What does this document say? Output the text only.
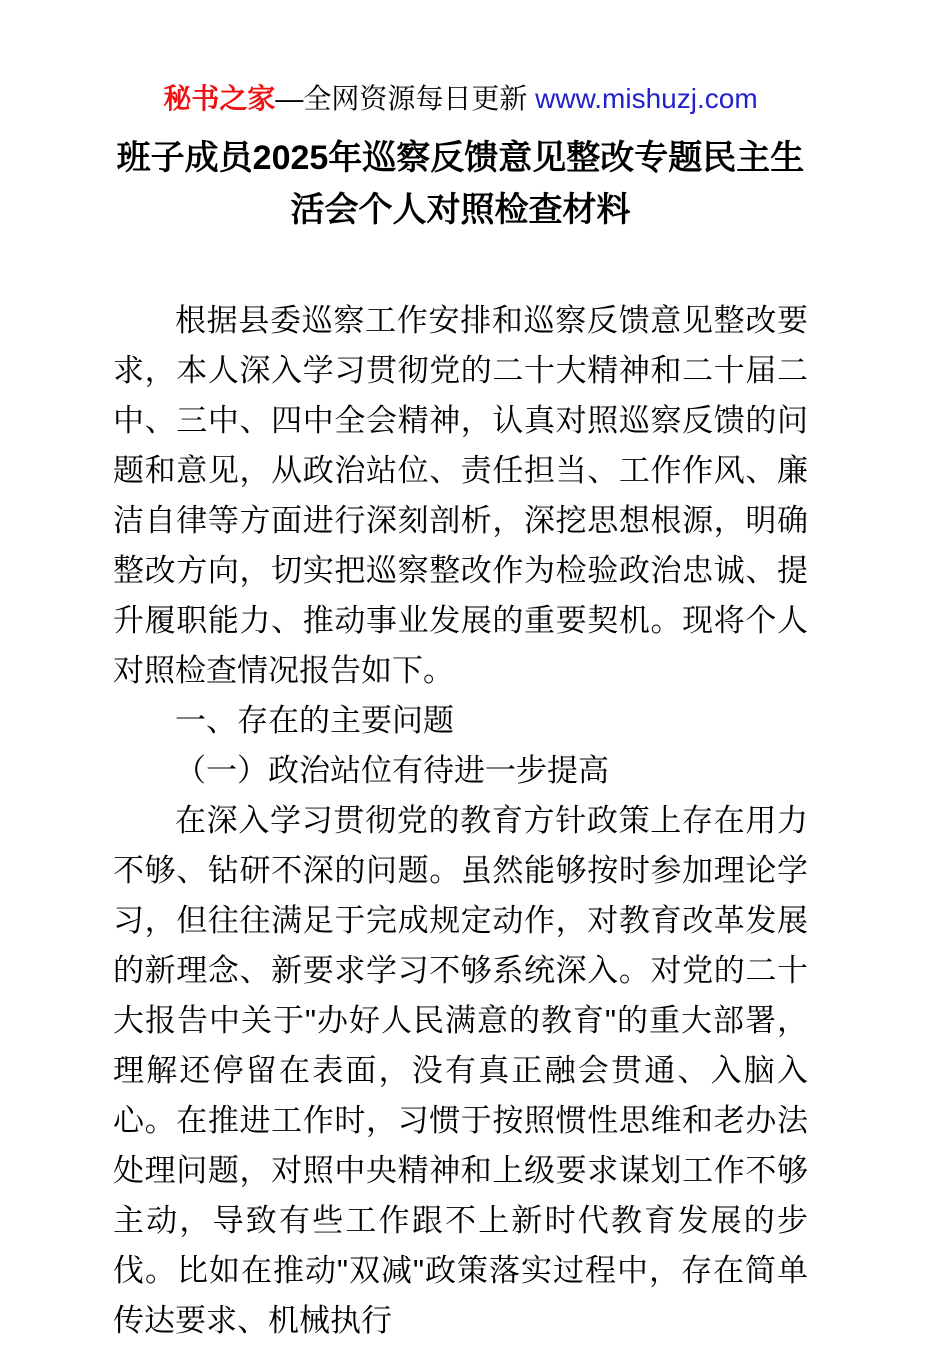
秘书之家—全网资源每日更新 www.mishuzj.com
班子成员2025年巡察反馈意见整改专题民主生活会个人对照检查材料

根据县委巡察工作安排和巡察反馈意见整改要求，本人深入学习贯彻党的二十大精神和二十届二中、三中、四中全会精神，认真对照巡察反馈的问题和意见，从政治站位、责任担当、工作作风、廉洁自律等方面进行深刻剖析，深挖思想根源，明确整改方向，切实把巡察整改作为检验政治忠诚、提升履职能力、推动事业发展的重要契机。现将个人对照检查情况报告如下。

一、存在的主要问题

（一）政治站位有待进一步提高

在深入学习贯彻党的教育方针政策上存在用力不够、钻研不深的问题。虽然能够按时参加理论学习，但往往满足于完成规定动作，对教育改革发展的新理念、新要求学习不够系统深入。对党的二十大报告中关于"办好人民满意的教育"的重大部署，理解还停留在表面，没有真正融会贯通、入脑入心。在推进工作时，习惯于按照惯性思维和老办法处理问题，对照中央精神和上级要求谋划工作不够主动，导致有些工作跟不上新时代教育发展的步伐。比如在推动"双减"政策落实过程中，存在简单传达要求、机械执行
